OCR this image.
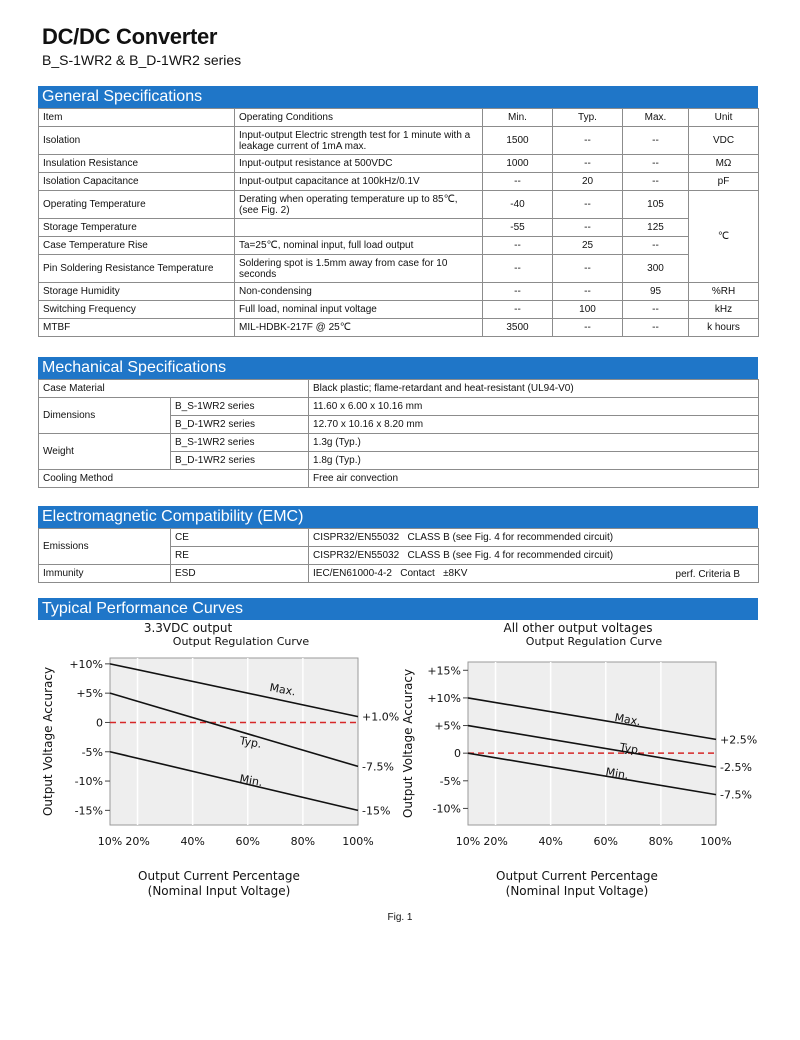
DC/DC Converter
B_S-1WR2 & B_D-1WR2 series
General Specifications
Item	Operating Conditions	Min.	Typ.	Max.	Unit
Isolation	Input-output Electric strength test for 1 minute with a leakage current of 1mA max.	1500	--	--	VDC
Insulation Resistance	Input-output resistance at 500VDC	1000	--	--	MΩ
Isolation Capacitance	Input-output capacitance at 100kHz/0.1V	--	20	--	pF
Operating Temperature	Derating when operating temperature up to 85℃, (see Fig. 2)	-40	--	105	℃
Storage Temperature		-55	--	125	
Case Temperature Rise	Ta=25℃, nominal input, full load output	--	25	--	
Pin Soldering Resistance Temperature	Soldering spot is 1.5mm away from case for 10 seconds	--	--	300	
Storage Humidity	Non-condensing	--	--	95	%RH
Switching Frequency	Full load, nominal input voltage	--	100	--	kHz
MTBF	MIL-HDBK-217F @ 25℃	3500	--	--	k hours
Mechanical Specifications
Case Material		Black plastic; flame-retardant and heat-resistant (UL94-V0)
Dimensions	B_S-1WR2 series	11.60 x 6.00 x 10.16 mm
	B_D-1WR2 series	12.70 x 10.16 x 8.20 mm
Weight	B_S-1WR2 series	1.3g (Typ.)
	B_D-1WR2 series	1.8g (Typ.)
Cooling Method		Free air convection
Electromagnetic Compatibility (EMC)
Emissions	CE	CISPR32/EN55032   CLASS B (see Fig. 4 for recommended circuit)
	RE	CISPR32/EN55032   CLASS B (see Fig. 4 for recommended circuit)
Immunity	ESD	IEC/EN61000-4-2   Contact   ±8KV perf. Criteria B
Typical Performance Curves
3.3VDC output
Output Regulation Curve
10% 20%	40%	60%	80% 100%
+10%
+5%
0
-5%
-10%
-15%
Max.
+1.0%
Typ.
-7.5%
Min.
-15%
Output Current Percentage
(Nominal Input Voltage)
Output Voltage Accuracy
All other output voltages
Output Regulation Curve
10% 20%	40%	60%	80% 100%
+15%
+10%
+5%
0
-5%
-10%
Max.
+2.5%
Typ.
-2.5%
Min.
-7.5%
Output Current Percentage
(Nominal Input Voltage)
Output Voltage Accuracy
Fig. 1
